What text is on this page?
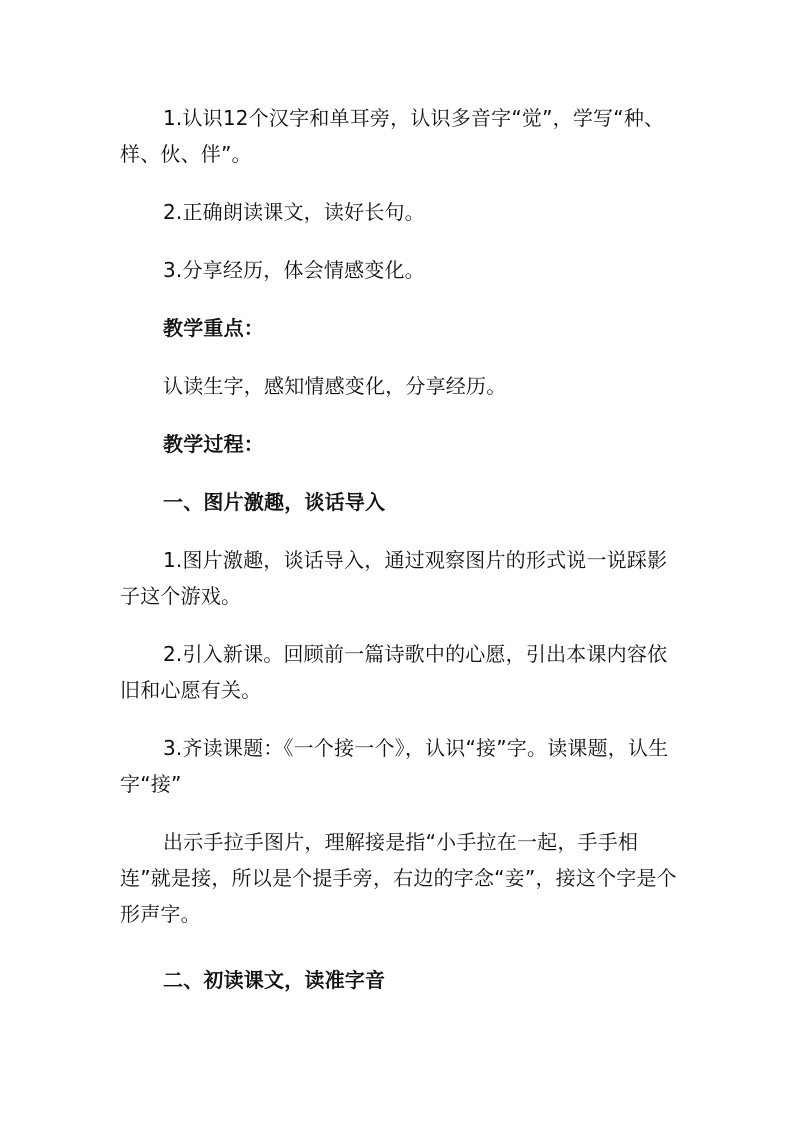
1.认识12个汉字和单耳旁，认识多音字“觉”，学写“种、样、伙、伴”。

2.正确朗读课文，读好长句。

3.分享经历，体会情感变化。

教学重点：

认读生字，感知情感变化，分享经历。

教学过程：

一、图片激趣，谈话导入

1.图片激趣，谈话导入，通过观察图片的形式说一说踩影子这个游戏。

2.引入新课。回顾前一篇诗歌中的心愿，引出本课内容依旧和心愿有关。

3.齐读课题：《一个接一个》，认识“接”字。读课题，认生字“接”

出示手拉手图片，理解接是指“小手拉在一起，手手相连”就是接，所以是个提手旁，右边的字念“妾”，接这个字是个形声字。

二、初读课文，读准字音
